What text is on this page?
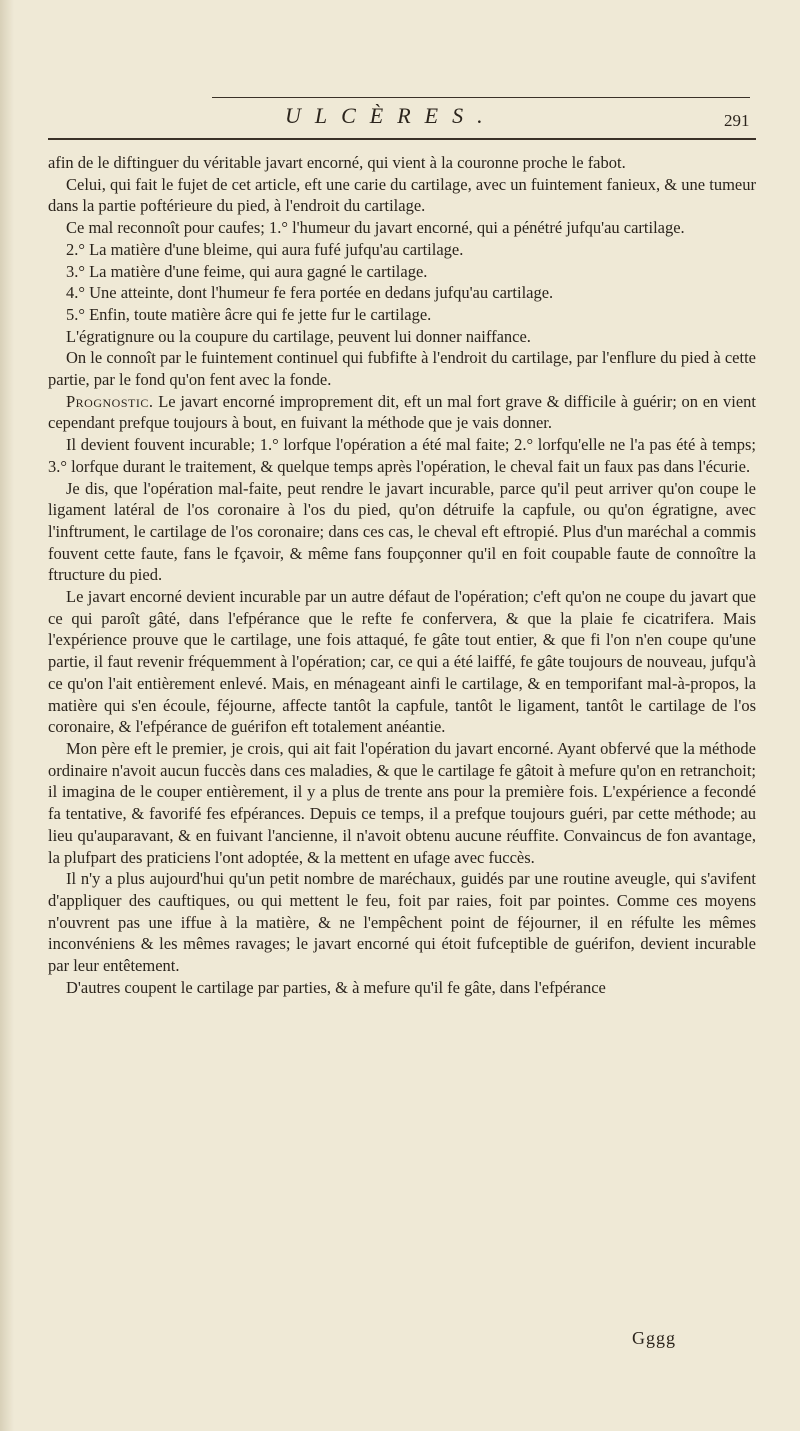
ULCÈRES.	291

afin de le diftinguer du véritable javart encorné, qui vient à la couronne proche le fabot.

Celui, qui fait le fujet de cet article, eft une carie du cartilage, avec un fuintement fanieux, & une tumeur dans la partie poftérieure du pied, à l'endroit du cartilage.

Ce mal reconnoît pour caufes; 1.° l'humeur du javart encorné, qui a pénétré jufqu'au cartilage.

2.° La matière d'une bleime, qui aura fufé jufqu'au cartilage.

3.° La matière d'une feime, qui aura gagné le cartilage.

4.° Une atteinte, dont l'humeur fe fera portée en dedans jufqu'au cartilage.

5.° Enfin, toute matière âcre qui fe jette fur le cartilage.

L'égratignure ou la coupure du cartilage, peuvent lui donner naiffance.

On le connoît par le fuintement continuel qui fubfifte à l'endroit du cartilage, par l'enflure du pied à cette partie, par le fond qu'on fent avec la fonde.

Prognostic. Le javart encorné improprement dit, eft un mal fort grave & difficile à guérir; on en vient cependant prefque toujours à bout, en fuivant la méthode que je vais donner.

Il devient fouvent incurable; 1.° lorfque l'opération a été mal faite; 2.° lorfqu'elle ne l'a pas été à temps; 3.° lorfque durant le traitement, & quelque temps après l'opération, le cheval fait un faux pas dans l'écurie.

Je dis, que l'opération mal-faite, peut rendre le javart incurable, parce qu'il peut arriver qu'on coupe le ligament latéral de l'os coronaire à l'os du pied, qu'on détruife la capfule, ou qu'on égratigne, avec l'inftrument, le cartilage de l'os coronaire; dans ces cas, le cheval eft eftropié. Plus d'un maréchal a commis fouvent cette faute, fans le fçavoir, & même fans foupçonner qu'il en foit coupable faute de connoître la ftructure du pied.

Le javart encorné devient incurable par un autre défaut de l'opération; c'eft qu'on ne coupe du javart que ce qui paroît gâté, dans l'efpérance que le refte fe confervera, & que la plaie fe cicatrifera. Mais l'expérience prouve que le cartilage, une fois attaqué, fe gâte tout entier, & que fi l'on n'en coupe qu'une partie, il faut revenir fréquemment à l'opération; car, ce qui a été laiffé, fe gâte toujours de nouveau, jufqu'à ce qu'on l'ait entièrement enlevé. Mais, en ménageant ainfi le cartilage, & en temporifant mal-à-propos, la matière qui s'en écoule, féjourne, affecte tantôt la capfule, tantôt le ligament, tantôt le cartilage de l'os coronaire, & l'efpérance de guérifon eft totalement anéantie.

Mon père eft le premier, je crois, qui ait fait l'opération du javart encorné. Ayant obfervé que la méthode ordinaire n'avoit aucun fuccès dans ces maladies, & que le cartilage fe gâtoit à mefure qu'on en retranchoit; il imagina de le couper entièrement, il y a plus de trente ans pour la première fois. L'expérience a fecondé fa tentative, & favorifé fes efpérances. Depuis ce temps, il a prefque toujours guéri, par cette méthode; au lieu qu'auparavant, & en fuivant l'ancienne, il n'avoit obtenu aucune réuffite. Convaincus de fon avantage, la plufpart des praticiens l'ont adoptée, & la mettent en ufage avec fuccès.

Il n'y a plus aujourd'hui qu'un petit nombre de maréchaux, guidés par une routine aveugle, qui s'avifent d'appliquer des cauftiques, ou qui mettent le feu, foit par raies, foit par pointes. Comme ces moyens n'ouvrent pas une iffue à la matière, & ne l'empêchent point de féjourner, il en réfulte les mêmes inconvéniens & les mêmes ravages; le javart encorné qui étoit fufceptible de guérifon, devient incurable par leur entêtement.

D'autres coupent le cartilage par parties, & à mefure qu'il fe gâte, dans l'efpérance

Gggg
